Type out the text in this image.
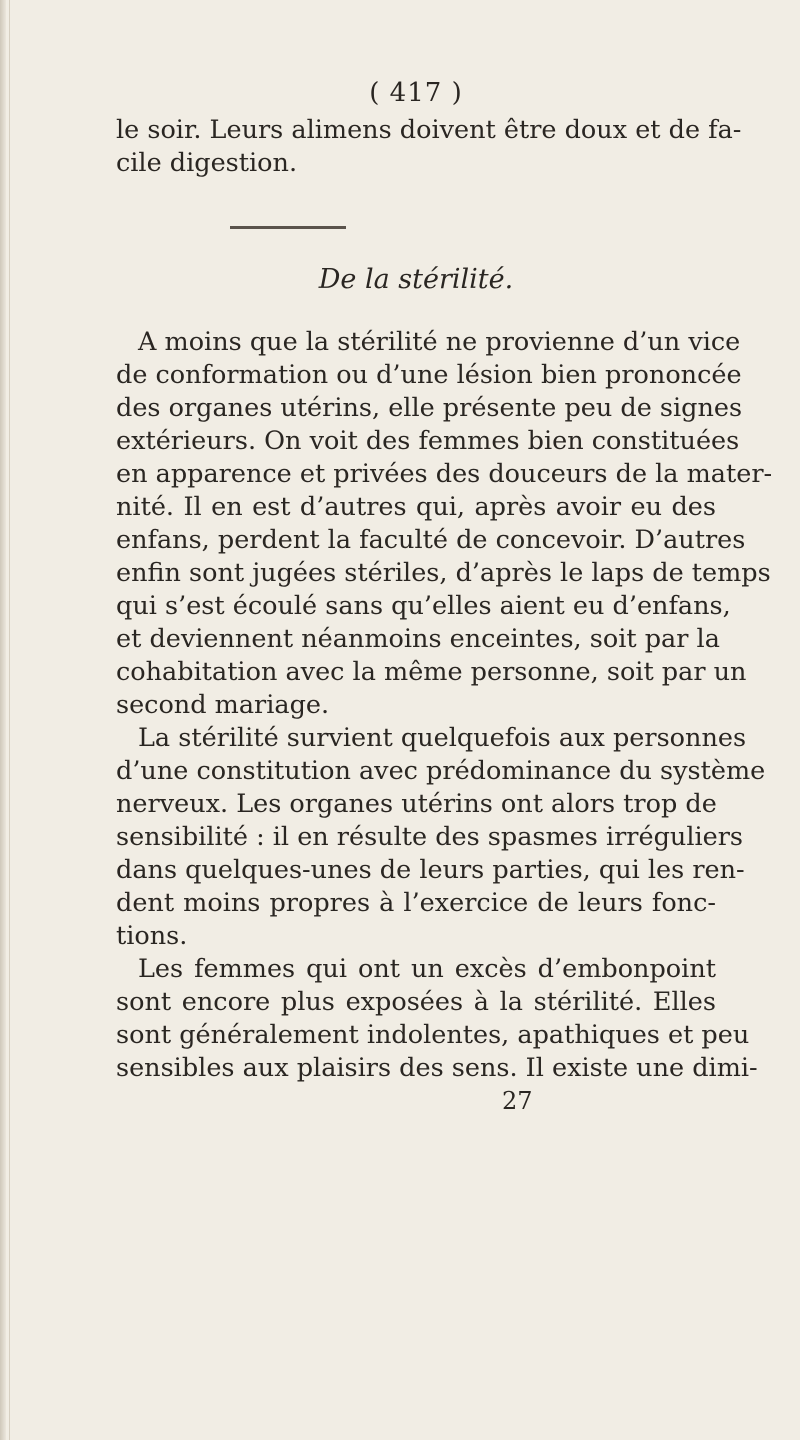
( 417 )
le soir. Leurs alimens doivent être doux et de fa-
cile digestion.
De la stérilité.
A moins que la stérilité ne provienne d’un vice
de conformation ou d’une lésion bien prononcée
des organes utérins, elle présente peu de signes
extérieurs. On voit des femmes bien constituées
en apparence et privées des douceurs de la mater-
nité. Il en est d’autres qui, après avoir eu des
enfans, perdent la faculté de concevoir. D’autres
enfin sont jugées stériles, d’après le laps de temps
qui s’est écoulé sans qu’elles aient eu d’enfans,
et deviennent néanmoins enceintes, soit par la
cohabitation avec la même personne, soit par un
second mariage.
La stérilité survient quelquefois aux personnes
d’une constitution avec prédominance du système
nerveux. Les organes utérins ont alors trop de
sensibilité : il en résulte des spasmes irréguliers
dans quelques-unes de leurs parties, qui les ren-
dent moins propres à l’exercice de leurs fonc-
tions.
Les femmes qui ont un excès d’embonpoint
sont encore plus exposées à la stérilité. Elles
sont généralement indolentes, apathiques et peu
sensibles aux plaisirs des sens. Il existe une dimi-
27
